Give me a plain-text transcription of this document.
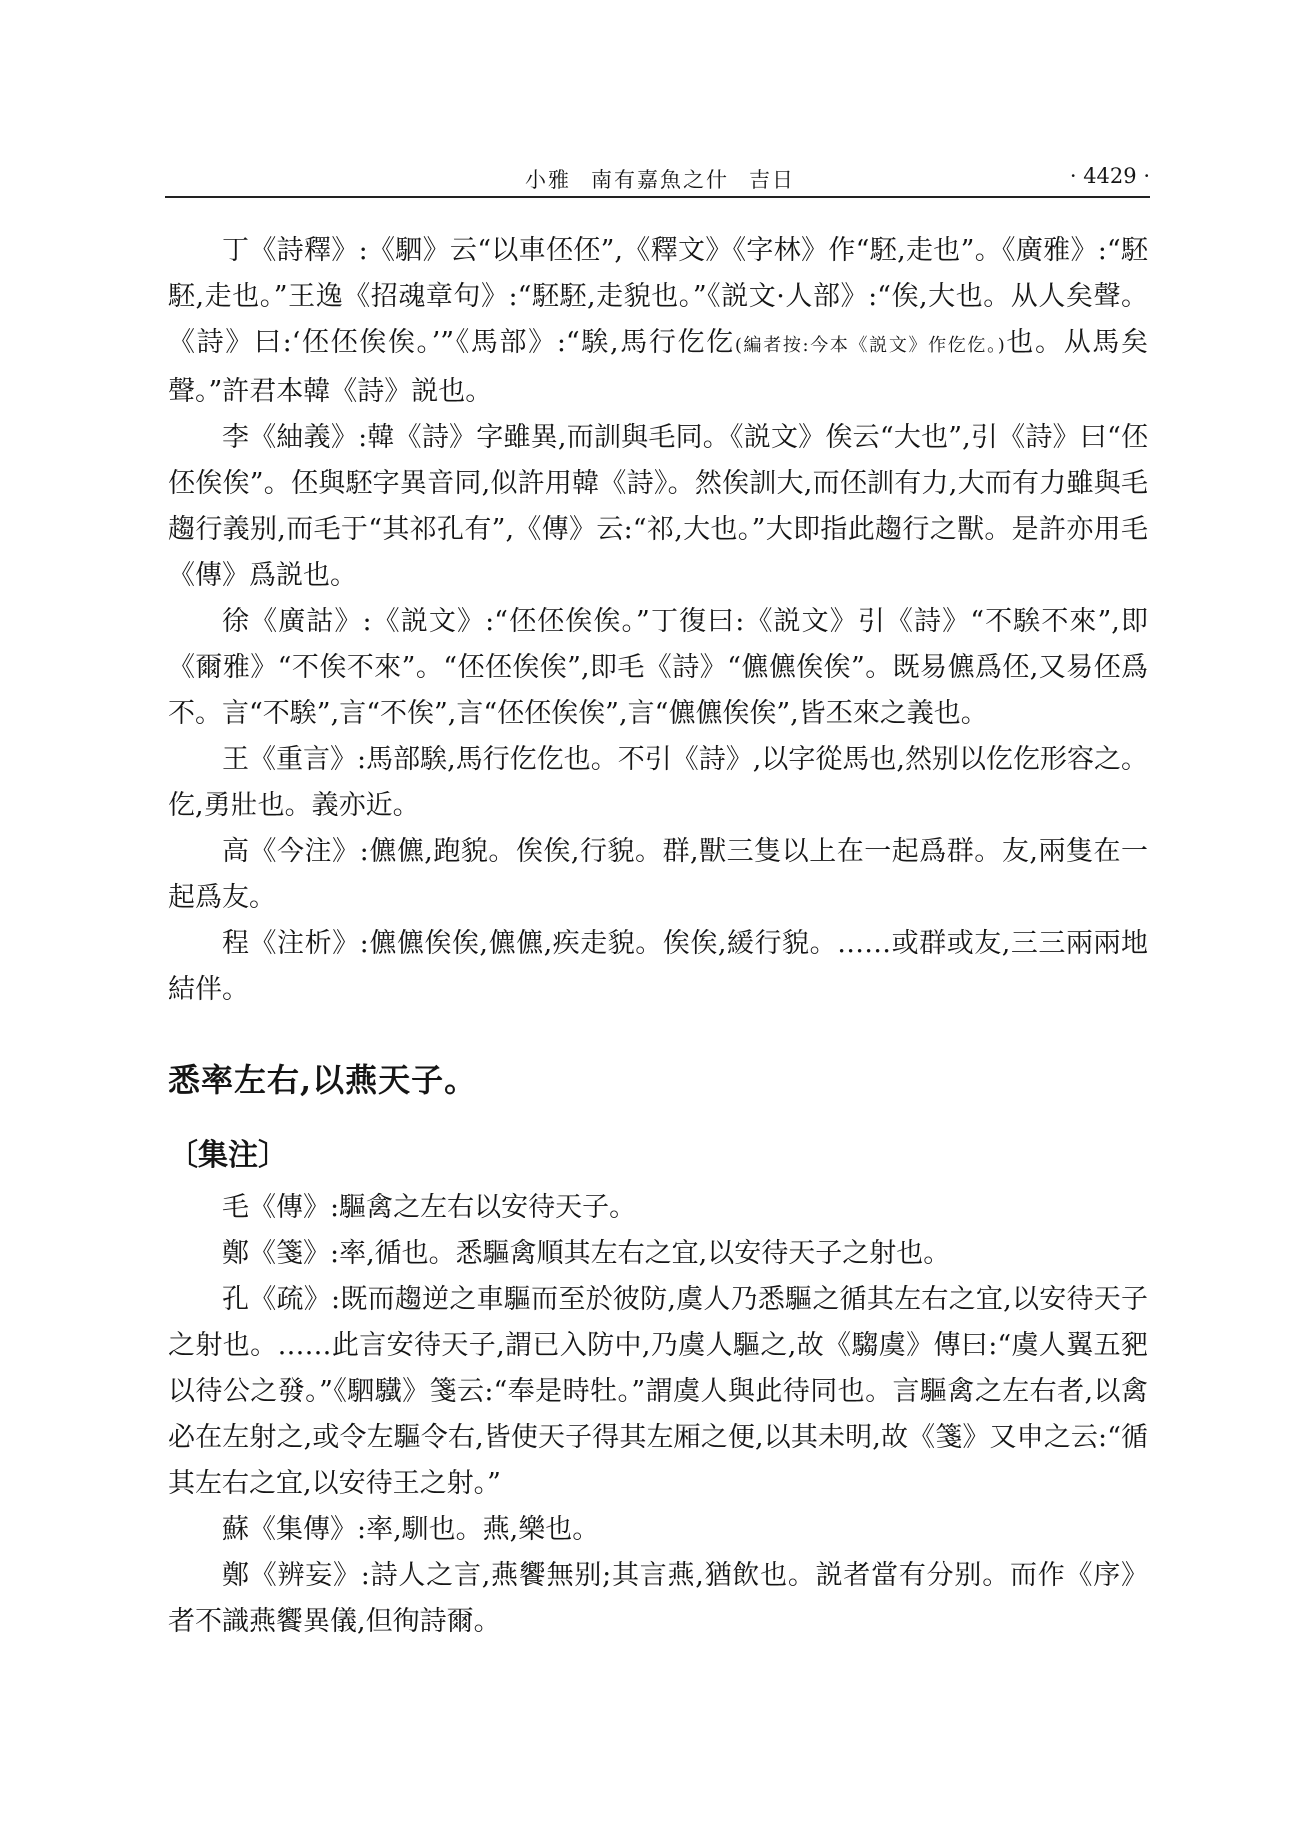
小雅 南有嘉魚之什 吉日	· 4429 ·

丁《詩釋》:《駟》云“以車伾伾”,《釋文》《字林》作“駓,走也”。《廣雅》:“駓駓,走也。”王逸《招魂章句》:“駓駓,走貌也。”《説文·人部》:“俟,大也。从人矣聲。《詩》曰:‘伾伾俟俟。’”《馬部》:“騃,馬行仡仡(編者按:今本《説文》作仡仡。)也。从馬矣聲。”許君本韓《詩》説也。

李《紬義》:韓《詩》字雖異,而訓與毛同。《説文》俟云“大也”,引《詩》曰“伾伾俟俟”。伾與駓字異音同,似許用韓《詩》。然俟訓大,而伾訓有力,大而有力雖與毛趨行義别,而毛于“其祁孔有”,《傳》云:“祁,大也。”大即指此趨行之獸。是許亦用毛《傳》爲説也。

徐《廣詁》:《説文》:“伾伾俟俟。”丁復曰:《説文》引《詩》“不騃不來”,即《爾雅》“不俟不來”。“伾伾俟俟”,即毛《詩》“儦儦俟俟”。既易儦爲伾,又易伾爲不。言“不騃”,言“不俟”,言“伾伾俟俟”,言“儦儦俟俟”,皆丕來之義也。

王《重言》:馬部騃,馬行仡仡也。不引《詩》,以字從馬也,然别以仡仡形容之。仡,勇壯也。義亦近。

高《今注》:儦儦,跑貌。俟俟,行貌。群,獸三隻以上在一起爲群。友,兩隻在一起爲友。

程《注析》:儦儦俟俟,儦儦,疾走貌。俟俟,緩行貌。……或群或友,三三兩兩地結伴。

悉率左右,以燕天子。
〔集注〕

毛《傳》:驅禽之左右以安待天子。

鄭《箋》:率,循也。悉驅禽順其左右之宜,以安待天子之射也。

孔《疏》:既而趨逆之車驅而至於彼防,虞人乃悉驅之循其左右之宜,以安待天子之射也。……此言安待天子,謂已入防中,乃虞人驅之,故《騶虞》傳曰:“虞人翼五豝以待公之發。”《駟驖》箋云:“奉是時牡。”謂虞人與此待同也。言驅禽之左右者,以禽必在左射之,或令左驅令右,皆使天子得其左厢之便,以其未明,故《箋》又申之云:“循其左右之宜,以安待王之射。”

蘇《集傳》:率,馴也。燕,樂也。

鄭《辨妄》:詩人之言,燕饗無别;其言燕,猶飲也。説者當有分别。而作《序》者不識燕饗異儀,但徇詩爾。
